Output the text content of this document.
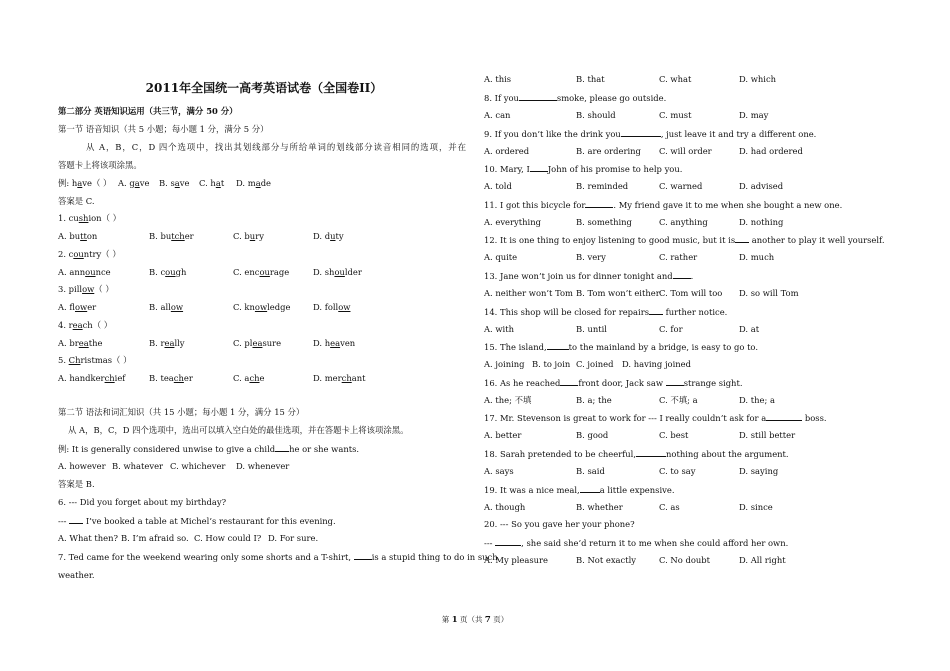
2011年全国统一高考英语试卷（全国卷II）
第二部分 英语知识运用（共三节，满分 50 分）
第一节 语音知识（共 5 小题；每小题 1 分，满分 5 分）
从 A，B，C，D 四个选项中，找出其划线部分与所给单词的划线部分读音相同的选项，并在
答题卡上将该项涂黑。
例: have（ ） A. gave B. save C. hat D. made
答案是 C.
1. cushion（ ）
A. button	B. butcher	C. bury	D. duty
2. country（ ）
A. announce	B. cough	C. encourage	D. shoulder
3. pillow（ ）
A. flower	B. allow	C. knowledge	D. follow
4. reach（ ）
A. breathe	B. really	C. pleasure	D. heaven
5. Christmas（ ）
A. handkerchief	B. teacher	C. ache	D. merchant
第二节 语法和词汇知识（共 15 小题；每小题 1 分，满分 15 分）
从 A，B，C，D 四个选项中，选出可以填入空白处的最佳选项，并在答题卡上将该项涂黑。
例: It is generally considered unwise to give a child he or she wants.
A. however B. whatever C. whichever D. whenever
答案是 B.
6. --- Did you forget about my birthday?
---  I’ve booked a table at Michel’s restaurant for this evening.
A. What then? B. I’m afraid so. C. How could I? D. For sure.
7. Ted came for the weekend wearing only some shorts and a T-shirt, is a stupid thing to do in such
weather.
A. this	B. that	C. what	D. which
8. If you	smoke, please go outside.
A. can	B. should	C. must	D. may
9. If you don’t like the drink you	, just leave it and try a different one.
A. ordered	B. are ordering C. will order	D. had ordered
10. Mary, I John of his promise to help you.
A. told	B. reminded	C. warned	D. advised
11. I got this bicycle for	. My friend gave it to me when she bought a new one.
A. everything	B. something	C. anything	D. nothing
12. It is one thing to enjoy listening to good music, but it is another to play it well yourself.
A. quite	B. very	C. rather	D. much
13. Jane won’t join us for dinner tonight and .
A. neither won’t Tom B. Tom won’t either C. Tom will too D. so will Tom
14. This shop will be closed for repairs further notice.
A. with	B. until	C. for	D. at
15. The island,	to the mainland by a bridge, is easy to go to.
A. joining B. to join C. joined D. having joined
16. As he reached front door, Jack saw strange sight.
A. the; 不填	B. a; the	C. 不填; a	D. the; a
17. Mr. Stevenson is great to work for --- I really couldn’t ask for a	boss.
A. better	B. good	C. best	D. still better
18. Sarah pretended to be cheerful,	nothing about the argument.
A. says	B. said	C. to say	D. saying
19. It was a nice meal, a little expensive.
A. though	B. whether	C. as	D. since
20. --- So you gave her your phone?
---	, she said she’d return it to me when she could afford her own.
A. My pleasure	B. Not exactly	C. No doubt	D. All right
第 1 页（共 7 页）
